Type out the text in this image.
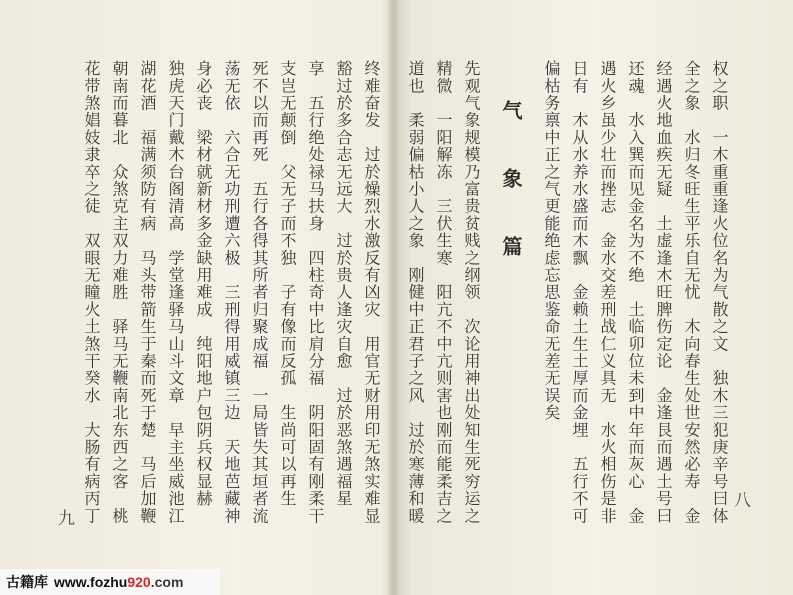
八
权之职　一木重重逢火位名为气散之文　独木三犯庚辛号曰体
全之象　水归冬旺生平乐自无忧　木向春生处世安然必寿　金
经遇火地血疾无疑　土虚逢木旺脾伤定论　金逢艮而遇土号曰
还魂　水入巽而见金名为不绝　土临卯位未到中年而灰心　金
遇火乡虽少壮而挫志　金水交差刑战仁义具无　水火相伤是非
日有　木从水养水盛而木飘　金赖土生土厚而金埋　五行不可
偏枯务禀中正之气更能绝虑忘思鉴命无差无误矣
气　象　篇
先观气象规模乃富贵贫贱之纲领　次论用神出处知生死穷运之
精微　一阳解冻　三伏生寒　阳亢不中亢则害也刚而能柔吉之
道也　柔弱偏枯小人之象　刚健中正君子之风　过於寒薄和暖
终难奋发　过於燥烈水激反有凶灾　用官无财用印无煞实难显
豁过於多合志无远大　过於贵人逢灾自愈　过於恶煞遇福星
享　五行绝处禄马扶身　四柱奇中比肩分福　阴阳固有刚柔干
支岂无颠倒　父无子而不独　子有像而反孤　生尚可以再生
死不以而再死　五行各得其所者归聚成福　一局皆失其垣者流
荡无依　六合无功刑遭六极　三刑得用威镇三边　天地芭藏神
身必丧　梁材就新材多金缺用难成　纯阳地户包阴兵权显赫
独虎天门戴木台阁清高　学堂逢驿马山斗文章　早主坐威池江
湖花酒　福满须防有病　马头带箭生于秦而死于楚　马后加鞭
朝南而暮北　众煞克主双力难胜　驿马无鞭南北东西之客　桃
花带煞娼妓隶卒之徒　双眼无瞳火土煞干癸水　大肠有病丙丁
九
古籍库 www.fozhu920.com
